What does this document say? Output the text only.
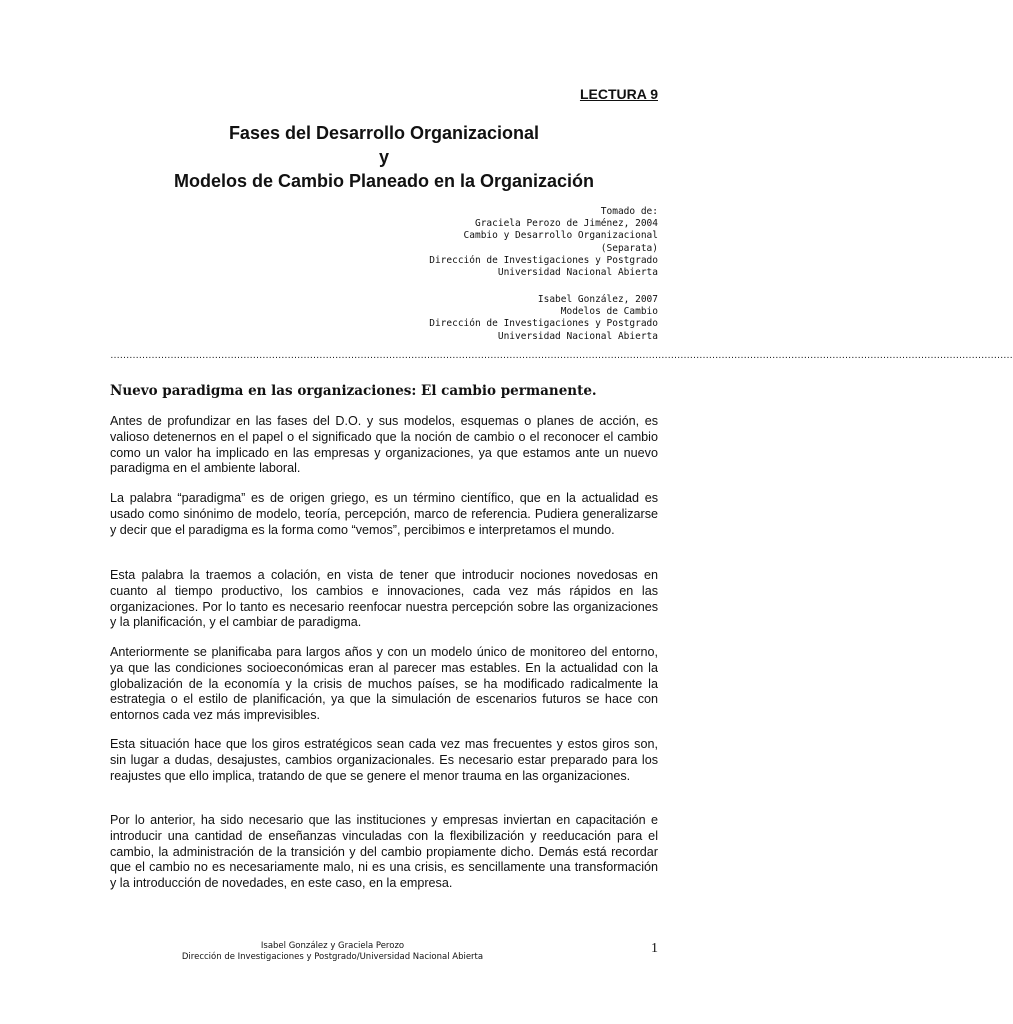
LECTURA 9
Fases del Desarrollo Organizacional
y
Modelos de Cambio Planeado en la Organización
Tomado de:
Graciela Perozo de Jiménez, 2004
Cambio y Desarrollo Organizacional
(Separata)
Dirección de Investigaciones y Postgrado
Universidad Nacional Abierta
Isabel González, 2007
Modelos de Cambio
Dirección de Investigaciones y Postgrado
Universidad Nacional Abierta
……………………………………………………………………………………………………………………………………………………………………………………………………………………………………………………………
Nuevo paradigma en las organizaciones: El cambio permanente.

Antes de profundizar en las fases del D.O. y sus modelos, esquemas o planes de acción, es valioso detenernos en el papel o el significado que la noción de cambio o el reconocer el cambio como un valor ha implicado en las empresas y organizaciones, ya que estamos ante un nuevo paradigma en el ambiente laboral.

La palabra “paradigma” es de origen griego, es un término científico, que en la actualidad es usado como sinónimo de modelo, teoría, percepción, marco de referencia. Pudiera generalizarse y decir que el paradigma es la forma como “vemos”, percibimos e interpretamos el mundo.

Esta palabra la traemos a colación, en vista de tener que introducir nociones novedosas en cuanto al tiempo productivo, los cambios e innovaciones, cada vez más rápidos en las organizaciones. Por lo tanto es necesario reenfocar nuestra percepción sobre las organizaciones y la planificación, y el cambiar de paradigma.

Anteriormente se planificaba para largos años y con un modelo único de monitoreo del entorno, ya que las condiciones socioeconómicas eran al parecer mas estables. En la actualidad con la globalización de la economía y la crisis de muchos países, se ha modificado radicalmente la estrategia o el estilo de planificación, ya que la simulación de escenarios futuros se hace con entornos cada vez más imprevisibles.

Esta situación hace que los giros estratégicos sean cada vez mas frecuentes y estos giros son, sin lugar a dudas, desajustes, cambios organizacionales. Es necesario estar preparado para los reajustes que ello implica, tratando de que se genere el menor trauma en las organizaciones.

Por lo anterior, ha sido necesario que las instituciones y empresas inviertan en capacitación e introducir una cantidad de enseñanzas vinculadas con la flexibilización y reeducación para el cambio, la administración de la transición y del cambio propiamente dicho. Demás está recordar que el cambio no es necesariamente malo, ni es una crisis, es sencillamente una transformación y la introducción de novedades, en este caso, en la empresa.

Isabel González y Graciela Perozo
Dirección de Investigaciones y Postgrado/Universidad Nacional Abierta
1
